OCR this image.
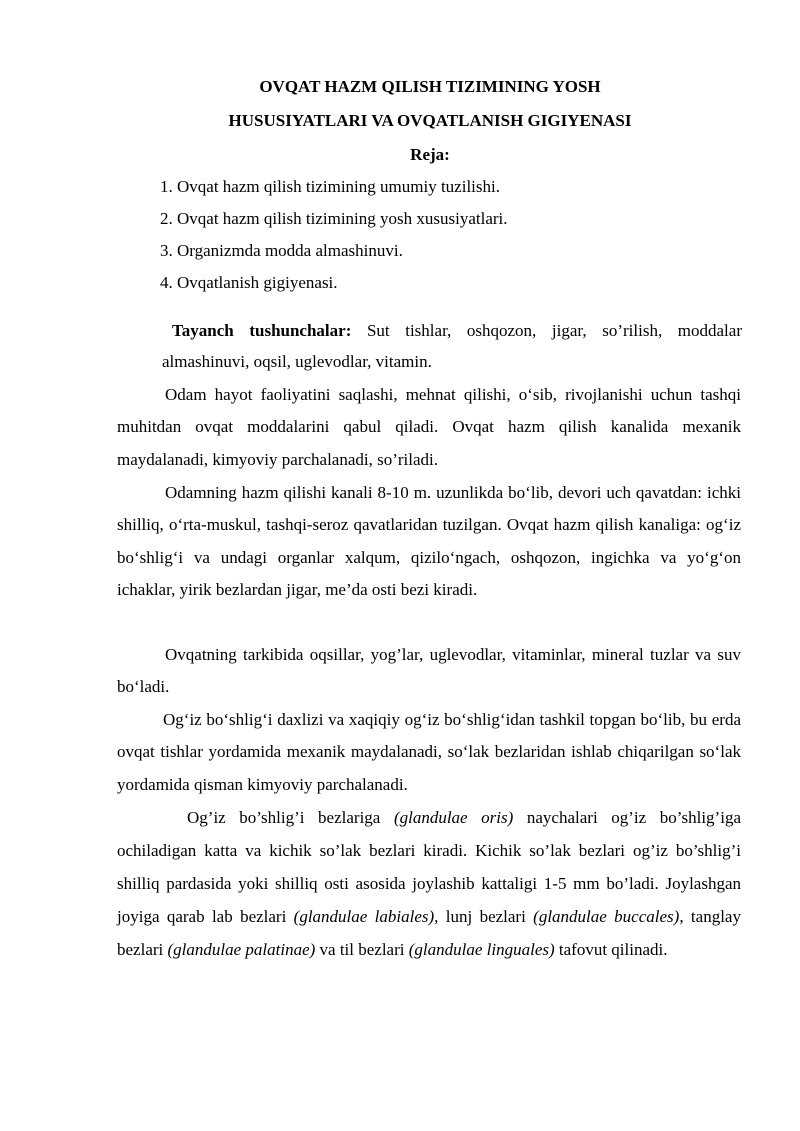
OVQAT HAZM QILISH TIZIMINING YOSH
HUSUSIYATLARI VA OVQATLANISH GIGIYENASI
Reja:
1. Ovqat hazm qilish tizimining umumiy tuzilishi.
2. Ovqat hazm qilish tizimining yosh xususiyatlari.
3. Organizmda modda almashinuvi.
4. Ovqatlanish gigiyenasi.

Tayanch tushunchalar: Sut tishlar, oshqozon, jigar, so’rilish, moddalar almashinuvi, oqsil, uglevodlar, vitamin.

Odam hayot faoliyatini saqlashi, mehnat qilishi, o‘sib, rivojlanishi uchun tashqi muhitdan ovqat moddalarini qabul qiladi. Ovqat hazm qilish kanalida mexanik maydalanadi, kimyoviy parchalanadi, so’riladi.

Odamning hazm qilishi kanali 8-10 m. uzunlikda bo‘lib, devori uch qavatdan: ichki shilliq, o‘rta-muskul, tashqi-seroz qavatlaridan tuzilgan. Ovqat hazm qilish kanaliga: og‘iz bo‘shlig‘i va undagi organlar xalqum, qizilo‘ngach, oshqozon, ingichka va yo‘g‘on ichaklar, yirik bezlardan jigar, me’da osti bezi kiradi.

Ovqatning tarkibida oqsillar, yog’lar, uglevodlar, vitaminlar, mineral tuzlar va suv bo‘ladi.

Og‘iz bo‘shlig‘i daxlizi va xaqiqiy og‘iz bo‘shlig‘idan tashkil topgan bo‘lib, bu erda ovqat tishlar yordamida mexanik maydalanadi, so‘lak bezlaridan ishlab chiqarilgan so‘lak yordamida qisman kimyoviy parchalanadi.

Og’iz bo’shlig’i bezlariga (glandulae oris) naychalari og’iz bo’shlig’iga ochiladigan katta va kichik so’lak bezlari kiradi. Kichik so’lak bezlari og’iz bo’shlig’i shilliq pardasida yoki shilliq osti asosida joylashib kattaligi 1-5 mm bo’ladi. Joylashgan joyiga qarab lab bezlari (glandulae labiales), lunj bezlari (glandulae buccales), tanglay bezlari (glandulae palatinae) va til bezlari (glandulae linguales) tafovut qilinadi.
